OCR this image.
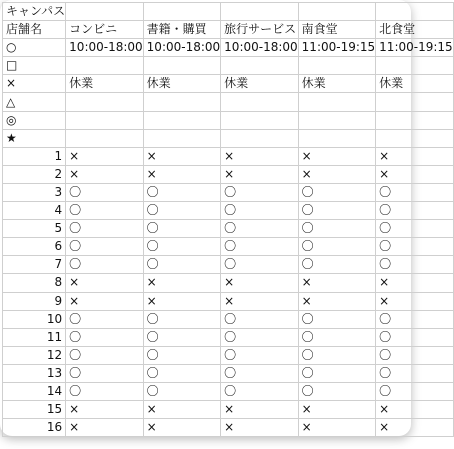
キャンパス					
店舗名	コンビニ	書籍・購買	旅行サービス	南食堂	北食堂
○	10:00-18:00	10:00-18:00	10:00-18:00	11:00-19:15	11:00-19:15
□					
×	休業	休業	休業	休業	休業
△					
◎					
★					
1	×	×	×	×	×
2	×	×	×	×	×
3	〇	〇	〇	〇	〇
4	〇	〇	〇	〇	〇
5	〇	〇	〇	〇	〇
6	〇	〇	〇	〇	〇
7	〇	〇	〇	〇	〇
8	×	×	×	×	×
9	×	×	×	×	×
10	〇	〇	〇	〇	〇
11	〇	〇	〇	〇	〇
12	〇	〇	〇	〇	〇
13	〇	〇	〇	〇	〇
14	〇	〇	〇	〇	〇
15	×	×	×	×	×
16	×	×	×	×	×
